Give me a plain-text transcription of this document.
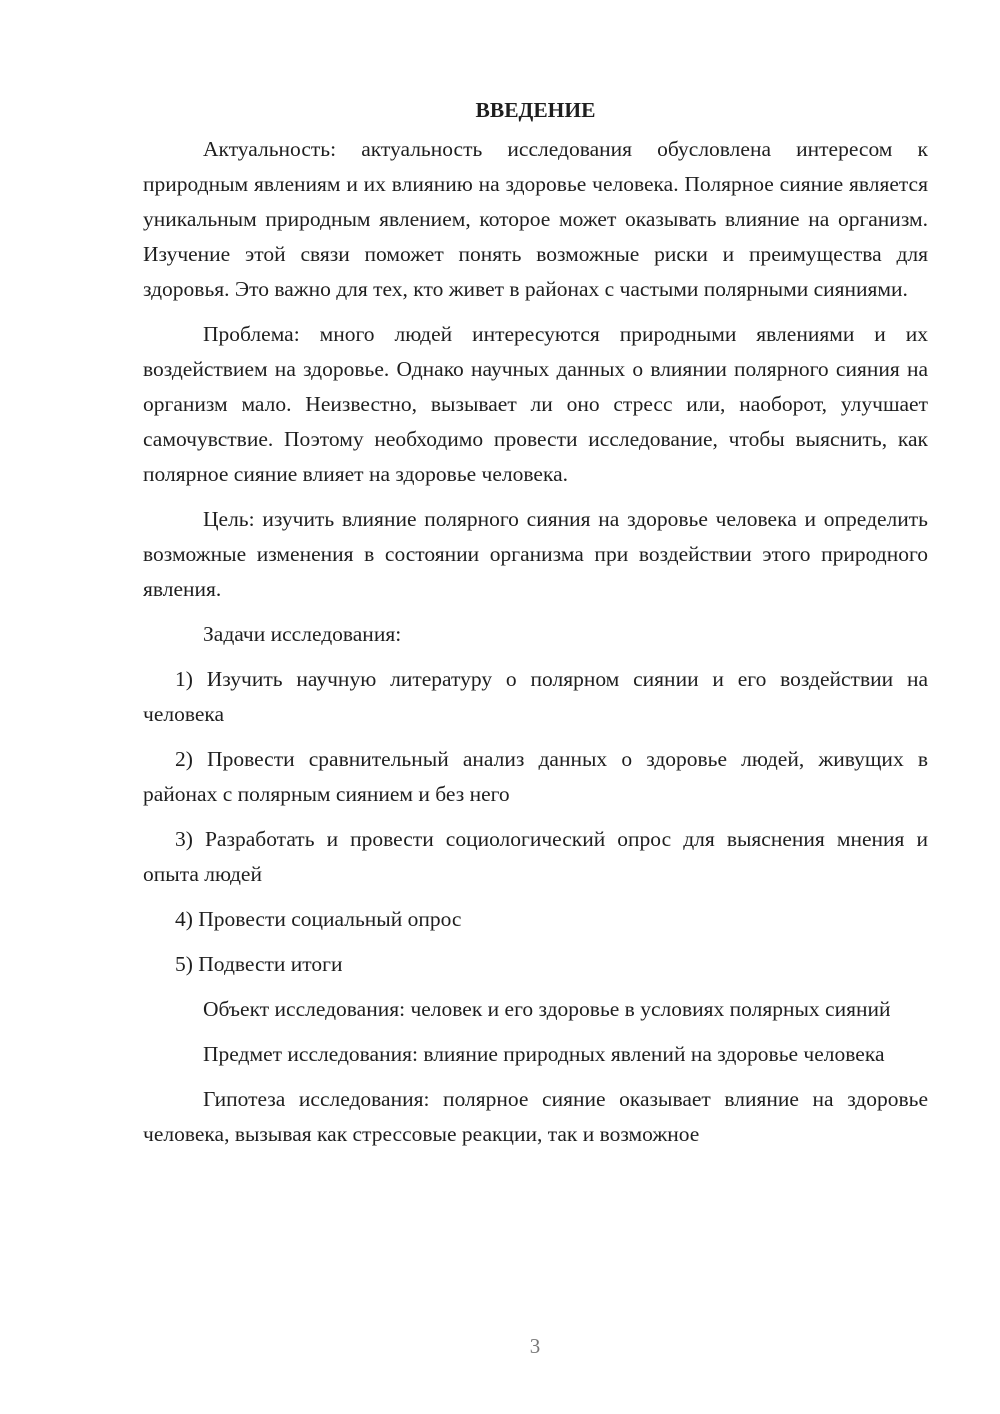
ВВЕДЕНИЕ

Актуальность: актуальность исследования обусловлена интересом к природным явлениям и их влиянию на здоровье человека. Полярное сияние является уникальным природным явлением, которое может оказывать влияние на организм. Изучение этой связи поможет понять возможные риски и преимущества для здоровья. Это важно для тех, кто живет в районах с частыми полярными сияниями.

Проблема: много людей интересуются природными явлениями и их воздействием на здоровье. Однако научных данных о влиянии полярного сияния на организм мало. Неизвестно, вызывает ли оно стресс или, наоборот, улучшает самочувствие. Поэтому необходимо провести исследование, чтобы выяснить, как полярное сияние влияет на здоровье человека.

Цель: изучить влияние полярного сияния на здоровье человека и определить возможные изменения в состоянии организма при воздействии этого природного явления.

Задачи исследования:

1) Изучить научную литературу о полярном сиянии и его воздействии на человека

2) Провести сравнительный анализ данных о здоровье людей, живущих в районах с полярным сиянием и без него

3) Разработать и провести социологический опрос для выяснения мнения и опыта людей

4) Провести социальный опрос

5) Подвести итоги

Объект исследования: человек и его здоровье в условиях полярных сияний

Предмет исследования: влияние природных явлений на здоровье человека

Гипотеза исследования: полярное сияние оказывает влияние на здоровье человека, вызывая как стрессовые реакции, так и возможное

3
